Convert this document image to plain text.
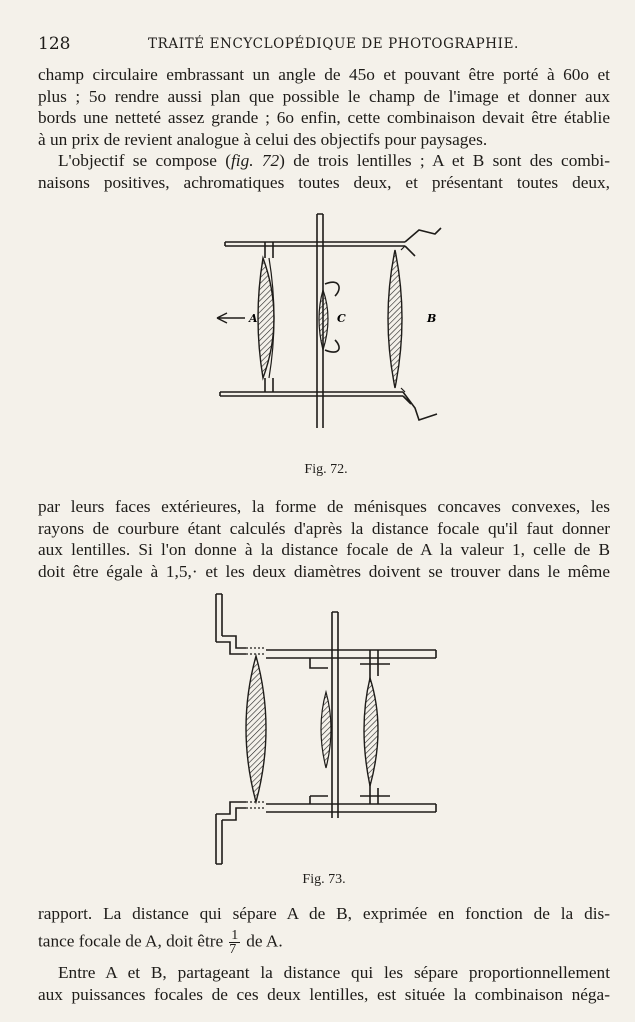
128	TRAITÉ ENCYCLOPÉDIQUE DE PHOTOGRAPHIE.
champ circulaire embrassant un angle de 45o et pouvant être porté à 60o et
plus ; 5o rendre aussi plan que possible le champ de l'image et donner aux
bords une netteté assez grande ; 6o enfin, cette combinaison devait être établie
à un prix de revient analogue à celui des objectifs pour paysages.
L'objectif se compose (fig. 72) de trois lentilles ; A et B sont des combi-
naisons positives, achromatiques toutes deux, et présentant toutes deux,
A	C	B
Fig. 72.
par leurs faces extérieures, la forme de ménisques concaves convexes, les
rayons de courbure étant calculés d'après la distance focale qu'il faut donner
aux lentilles. Si l'on donne à la distance focale de A la valeur 1, celle de B
doit être égale à 1,5,· et les deux diamètres doivent se trouver dans le même
Fig. 73.
rapport. La distance qui sépare A de B, exprimée en fonction de la dis-
tance focale de A, doit être $\frac{1}{7}$ de A.
Entre A et B, partageant la distance qui les sépare proportionnellement
aux puissances focales de ces deux lentilles, est située la combinaison néga-
